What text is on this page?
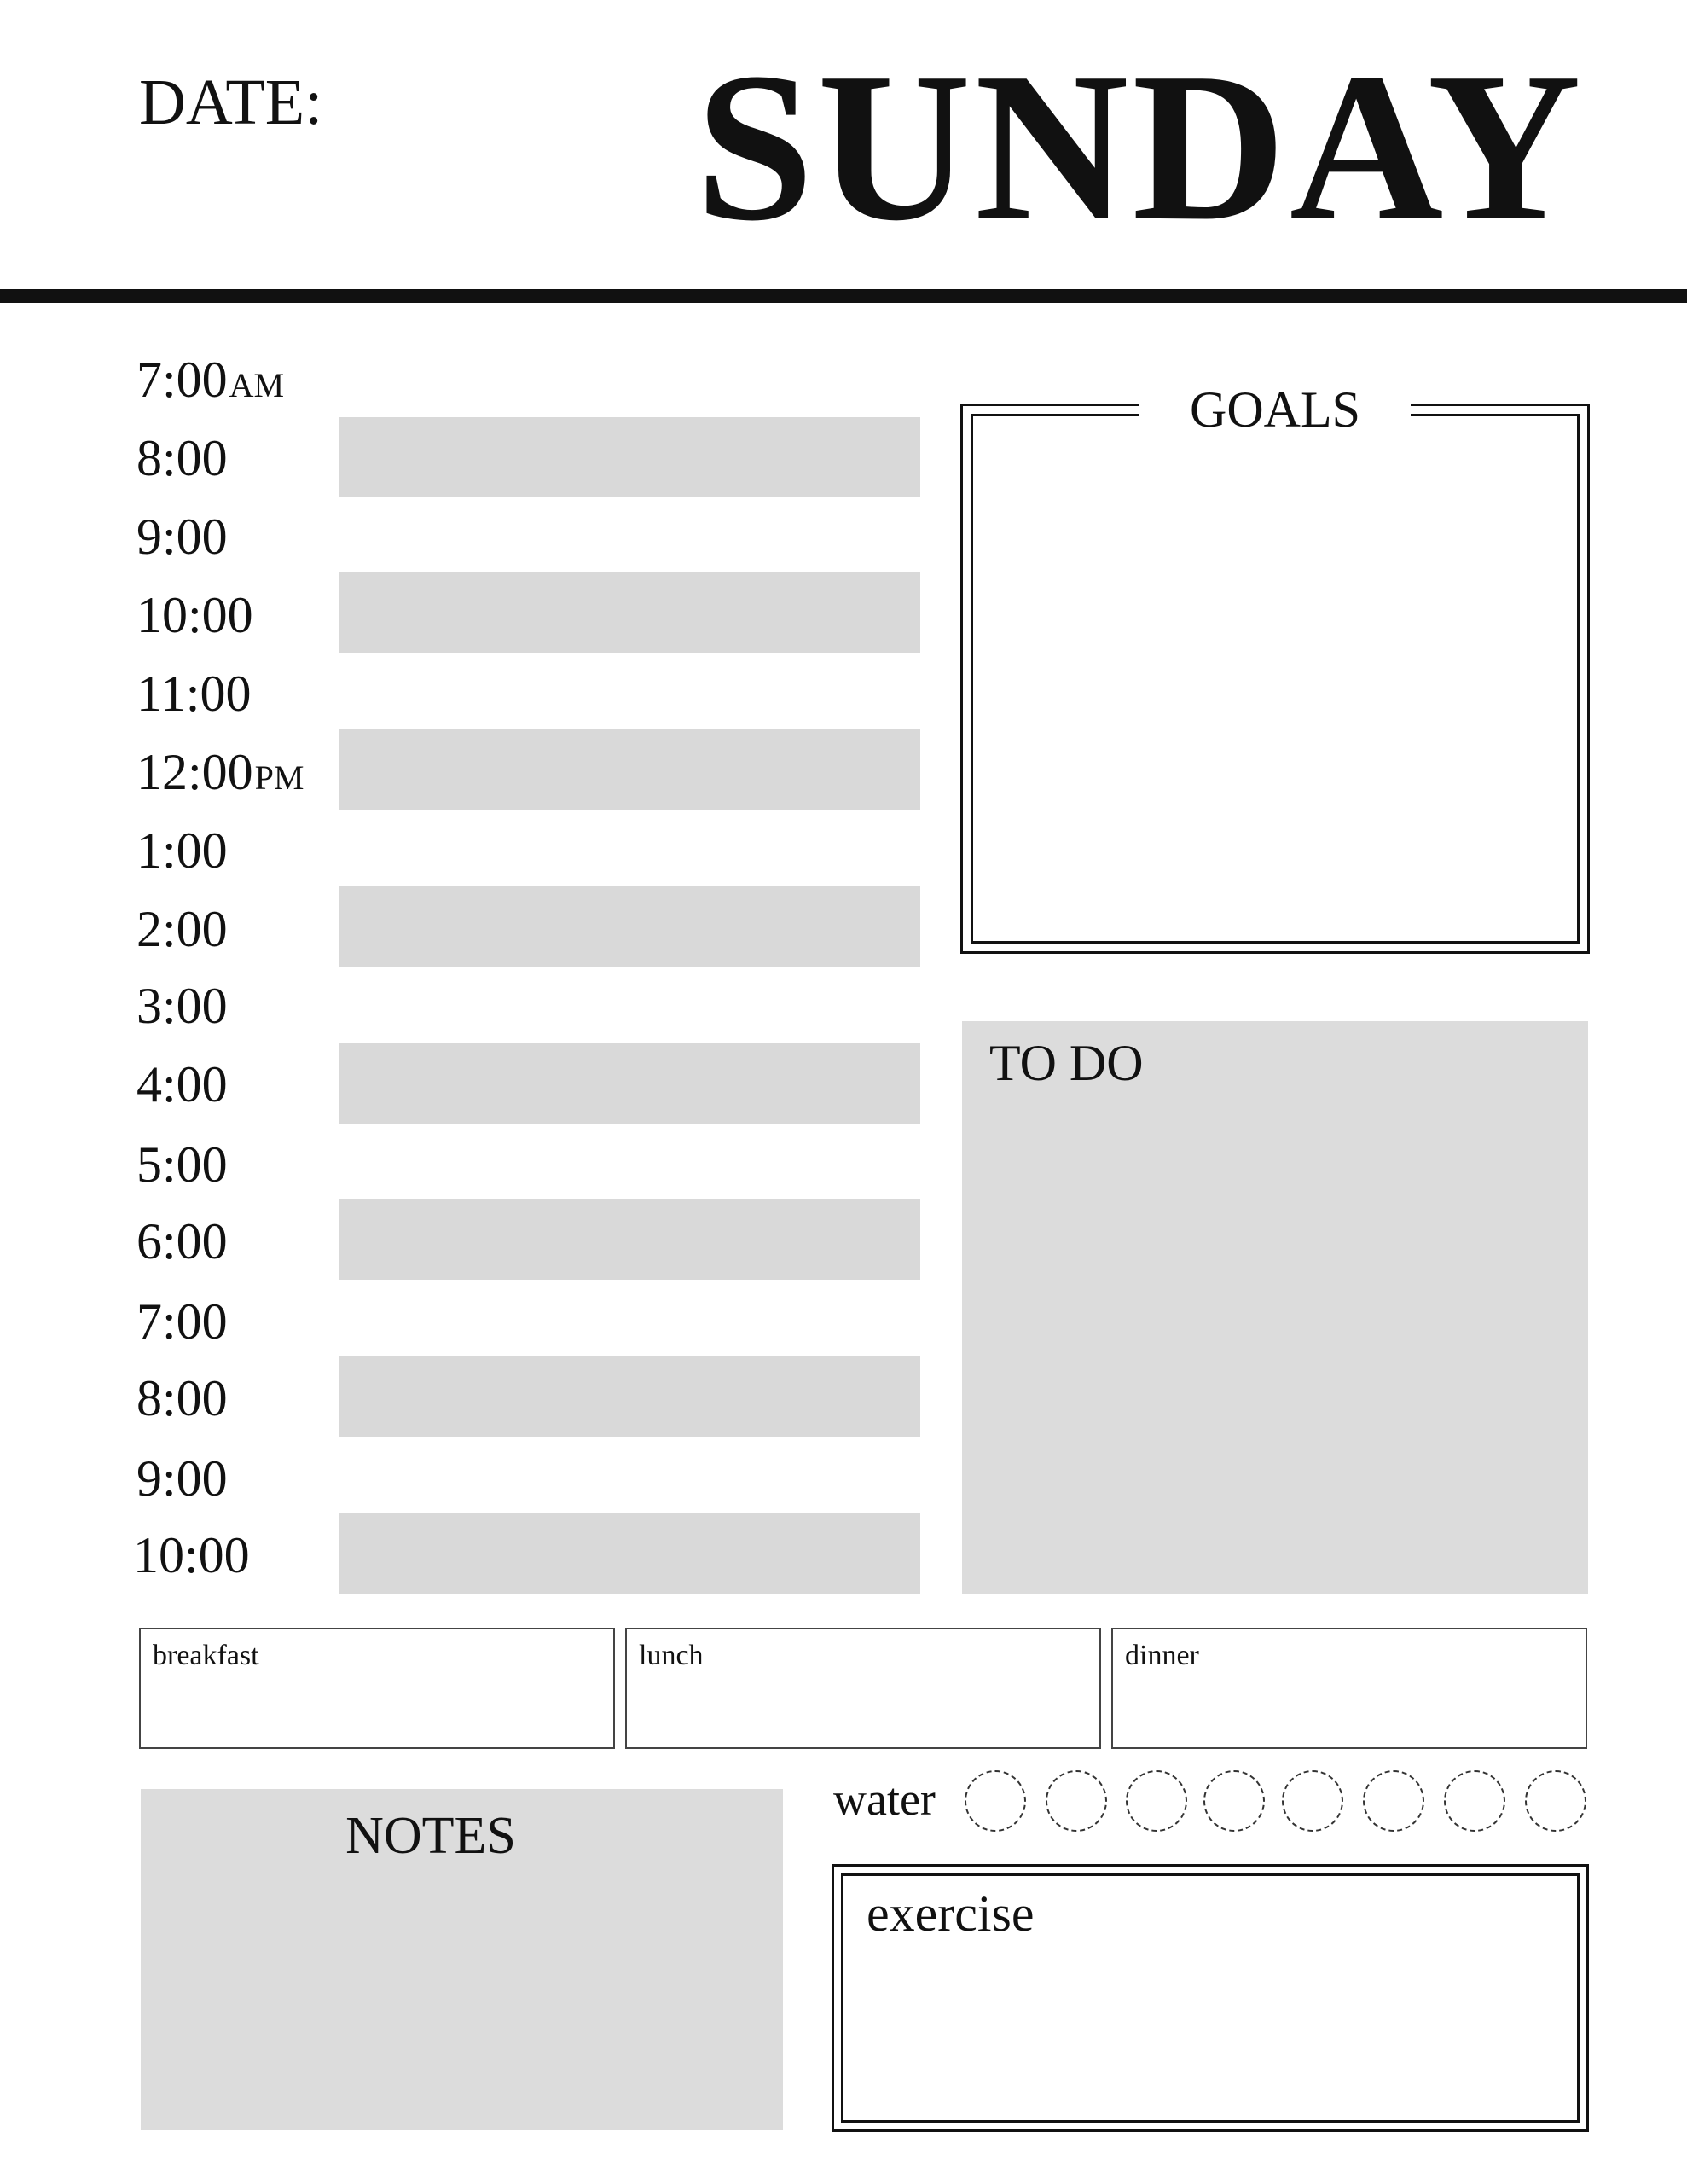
DATE: SUNDAY
7:00AM
8:00
9:00
10:00
11:00
12:00PM
1:00
2:00
3:00
4:00
5:00
6:00
7:00
8:00
9:00
10:00
GOALS
TO DO
breakfast	lunch	dinner
NOTES
water
exercise
